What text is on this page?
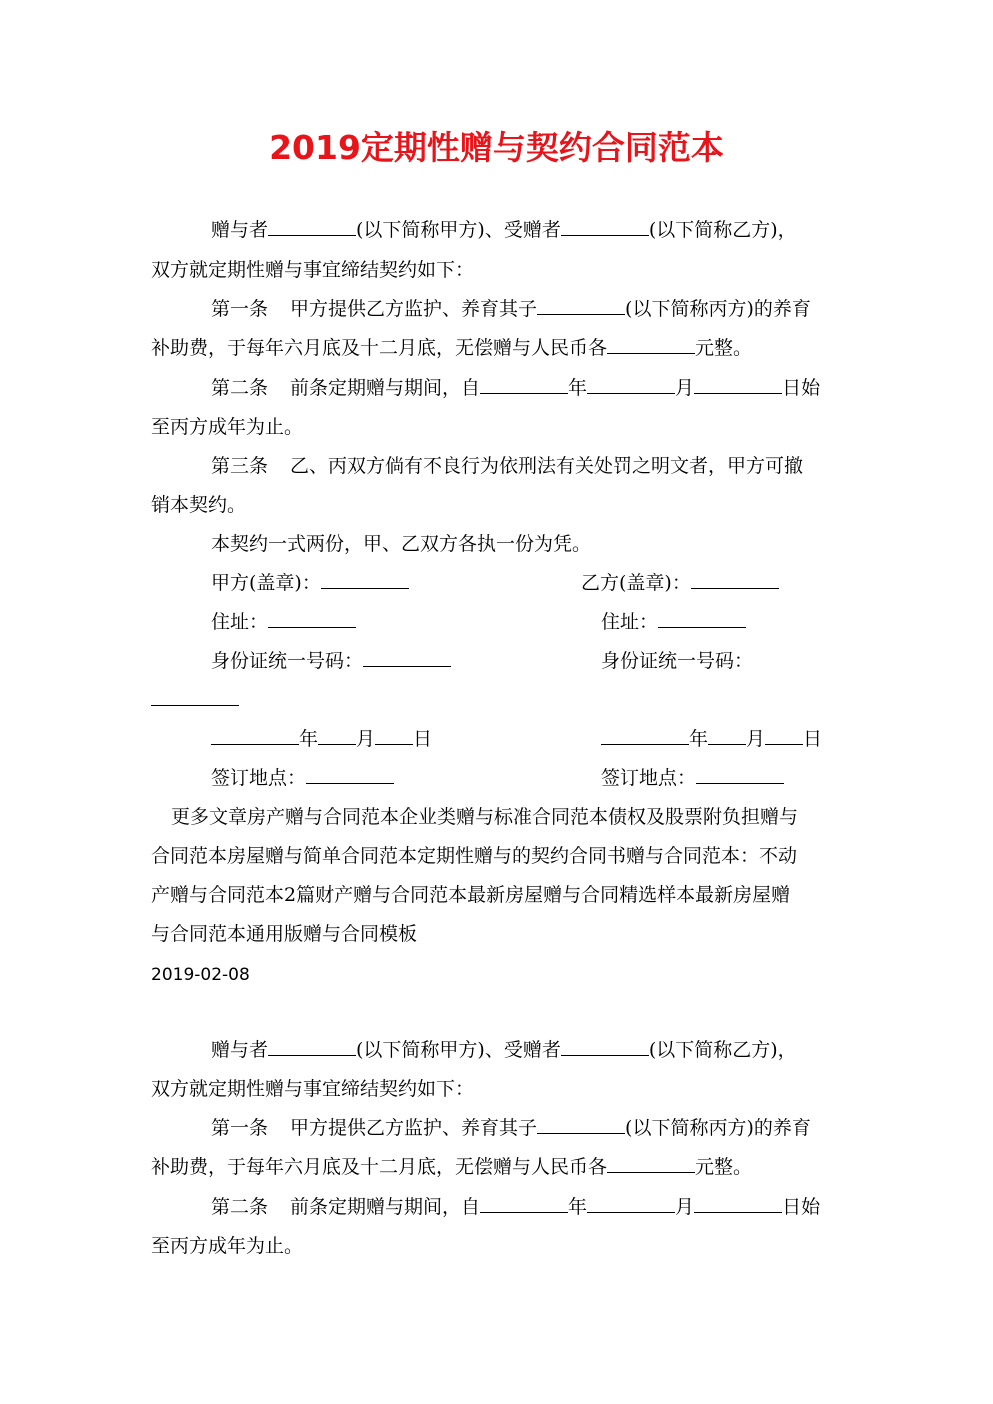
2019定期性赠与契约合同范本
赠与者	(以下简称甲方)、受赠者	(以下简称乙方)，
双方就定期性赠与事宜缔结契约如下：
第一条 甲方提供乙方监护、养育其子	(以下简称丙方)的养育
补助费，于每年六月底及十二月底，无偿赠与人民币各	元整。
第二条 前条定期赠与期间，自	年	月	日始
至丙方成年为止。
第三条 乙、丙双方倘有不良行为依刑法有关处罚之明文者，甲方可撤
销本契约。
本契约一式两份，甲、乙双方各执一份为凭。
甲方(盖章)：	乙方(盖章)：
住址：	住址：
身份证统一号码：	身份证统一号码：
年 月 日	年 月 日
签订地点：	签订地点：
更多文章房产赠与合同范本企业类赠与标准合同范本债权及股票附负担赠与
合同范本房屋赠与简单合同范本定期性赠与的契约合同书赠与合同范本：不动
产赠与合同范本2篇财产赠与合同范本最新房屋赠与合同精选样本最新房屋赠
与合同范本通用版赠与合同模板
2019-02-08
赠与者	(以下简称甲方)、受赠者	(以下简称乙方)，
双方就定期性赠与事宜缔结契约如下：
第一条 甲方提供乙方监护、养育其子	(以下简称丙方)的养育
补助费，于每年六月底及十二月底，无偿赠与人民币各	元整。
第二条 前条定期赠与期间，自	年	月	日始
至丙方成年为止。
